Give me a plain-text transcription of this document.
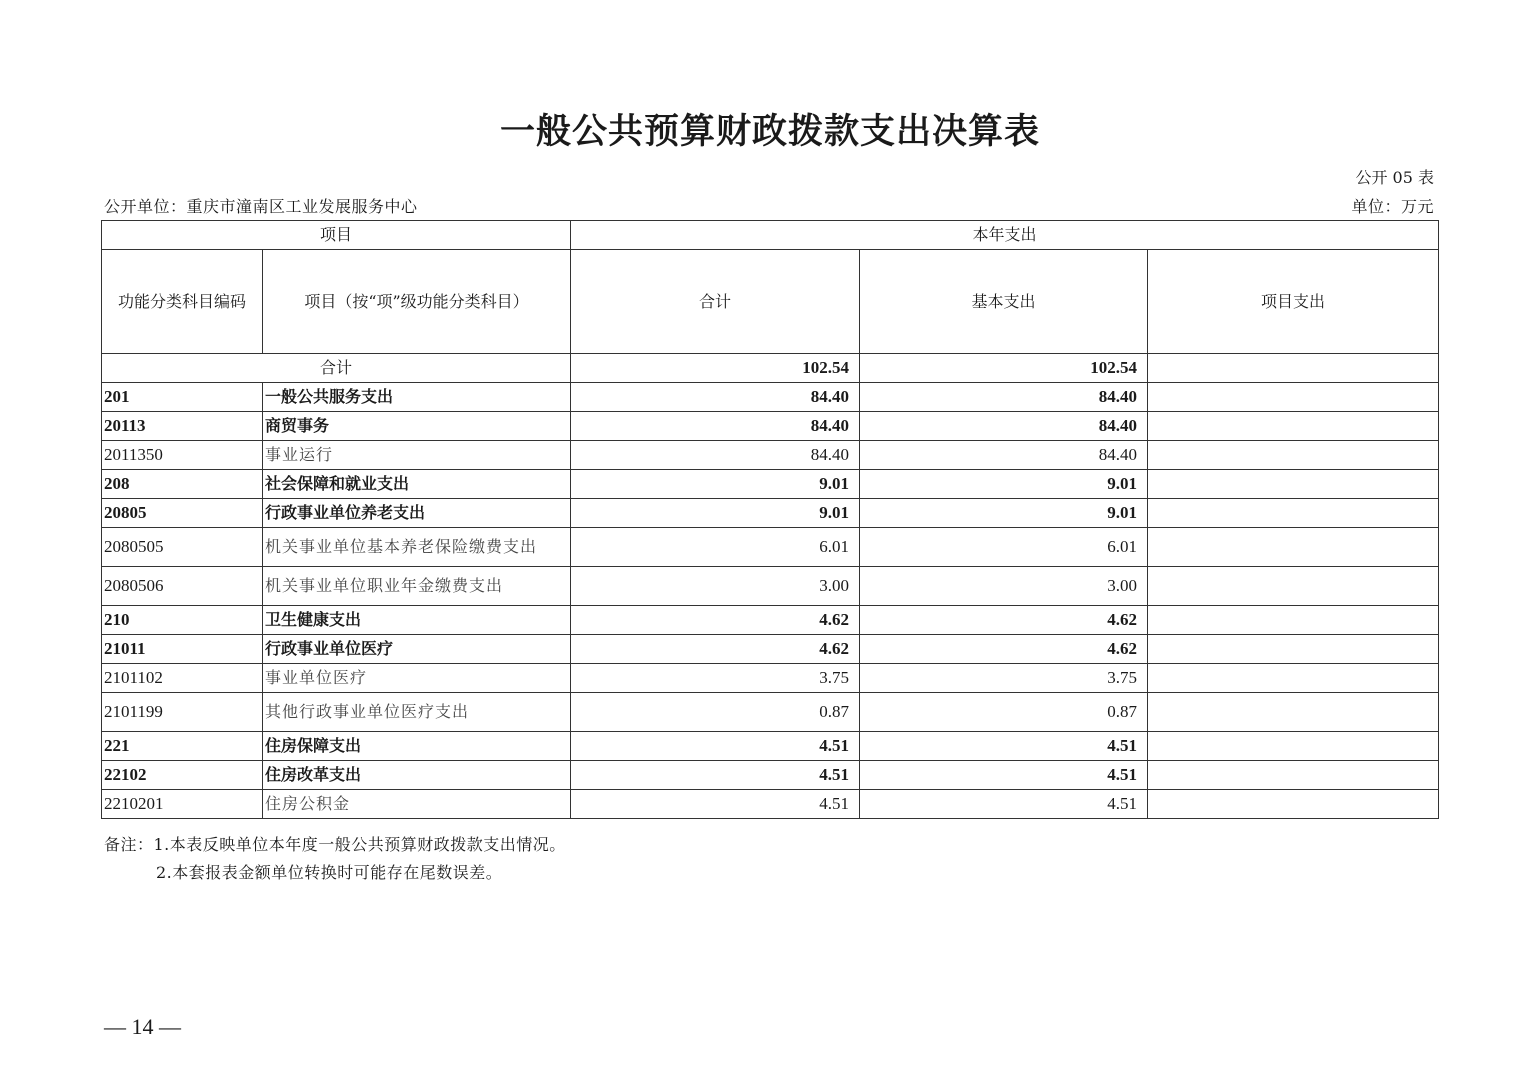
一般公共预算财政拨款支出决算表
公开 05 表
公开单位：重庆市潼南区工业发展服务中心	单位：万元
项目		本年支出		
功能分类科目编码	项目（按“项”级功能分类科目）	合计	基本支出	项目支出
合计		102.54	102.54	
201	一般公共服务支出	84.40	84.40	
20113	商贸事务	84.40	84.40	
2011350	事业运行	84.40	84.40	
208	社会保障和就业支出	9.01	9.01	
20805	行政事业单位养老支出	9.01	9.01	
2080505	机关事业单位基本养老保险缴费支出	6.01	6.01	
2080506	机关事业单位职业年金缴费支出	3.00	3.00	
210	卫生健康支出	4.62	4.62	
21011	行政事业单位医疗	4.62	4.62	
2101102	事业单位医疗	3.75	3.75	
2101199	其他行政事业单位医疗支出	0.87	0.87	
221	住房保障支出	4.51	4.51	
22102	住房改革支出	4.51	4.51	
2210201	住房公积金	4.51	4.51	
备注：1.本表反映单位本年度一般公共预算财政拨款支出情况。
2.本套报表金额单位转换时可能存在尾数误差。
— 14 —
